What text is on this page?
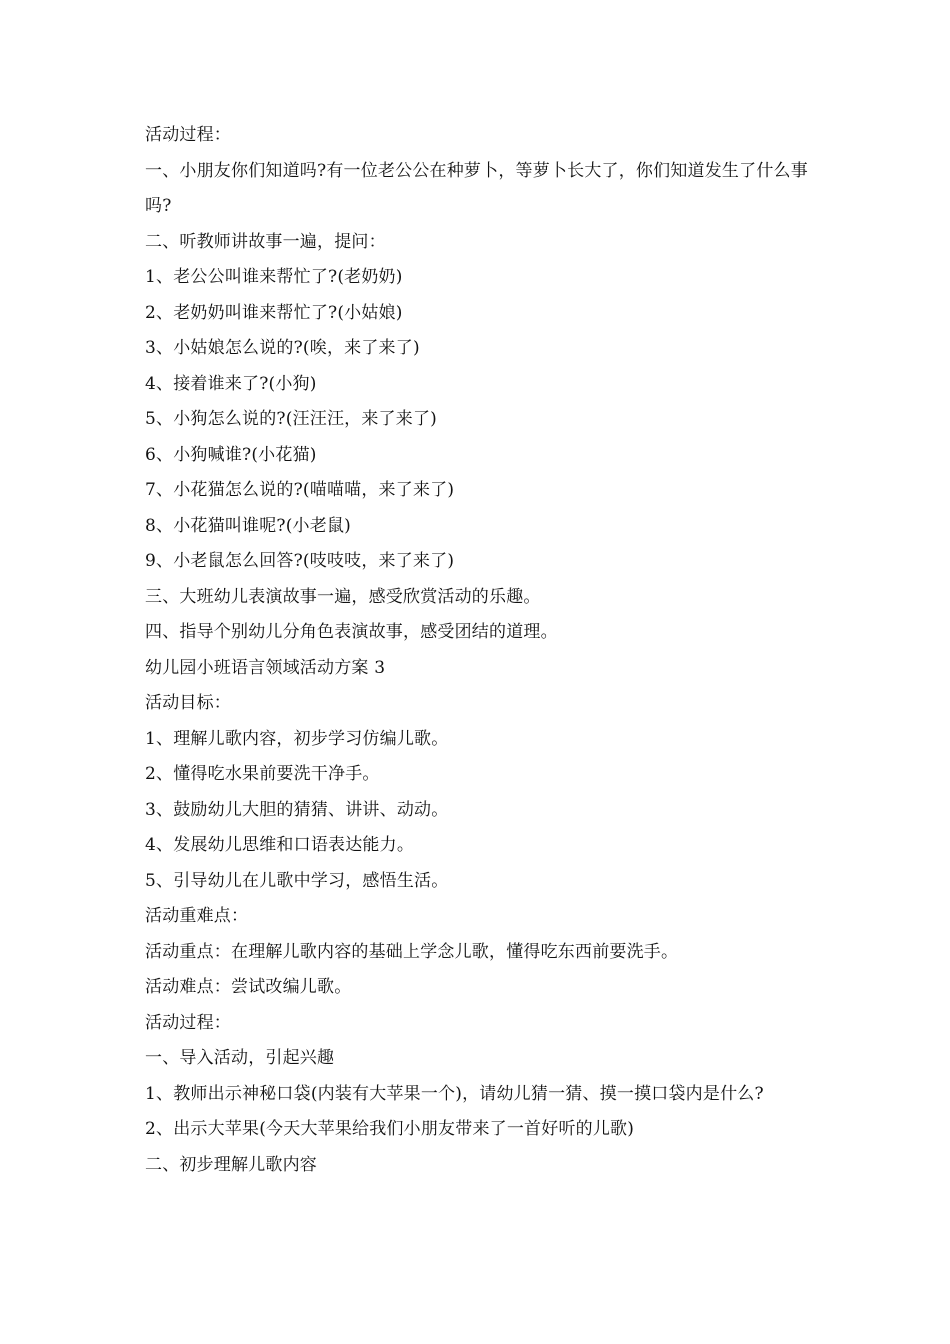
活动过程：
一、小朋友你们知道吗?有一位老公公在种萝卜，等萝卜长大了，你们知道发生了什么事吗?
二、听教师讲故事一遍，提问：
1、老公公叫谁来帮忙了?(老奶奶)
2、老奶奶叫谁来帮忙了?(小姑娘)
3、小姑娘怎么说的?(唉，来了来了)
4、接着谁来了?(小狗)
5、小狗怎么说的?(汪汪汪，来了来了)
6、小狗喊谁?(小花猫)
7、小花猫怎么说的?(喵喵喵，来了来了)
8、小花猫叫谁呢?(小老鼠)
9、小老鼠怎么回答?(吱吱吱，来了来了)
三、大班幼儿表演故事一遍，感受欣赏活动的乐趣。
四、指导个别幼儿分角色表演故事，感受团结的道理。
幼儿园小班语言领域活动方案 3
活动目标：
1、理解儿歌内容，初步学习仿编儿歌。
2、懂得吃水果前要洗干净手。
3、鼓励幼儿大胆的猜猜、讲讲、动动。
4、发展幼儿思维和口语表达能力。
5、引导幼儿在儿歌中学习，感悟生活。
活动重难点：
活动重点：在理解儿歌内容的基础上学念儿歌，懂得吃东西前要洗手。
活动难点：尝试改编儿歌。
活动过程：
一、导入活动，引起兴趣
1、教师出示神秘口袋(内装有大苹果一个)，请幼儿猜一猜、摸一摸口袋内是什么?
2、出示大苹果(今天大苹果给我们小朋友带来了一首好听的儿歌)
二、初步理解儿歌内容
